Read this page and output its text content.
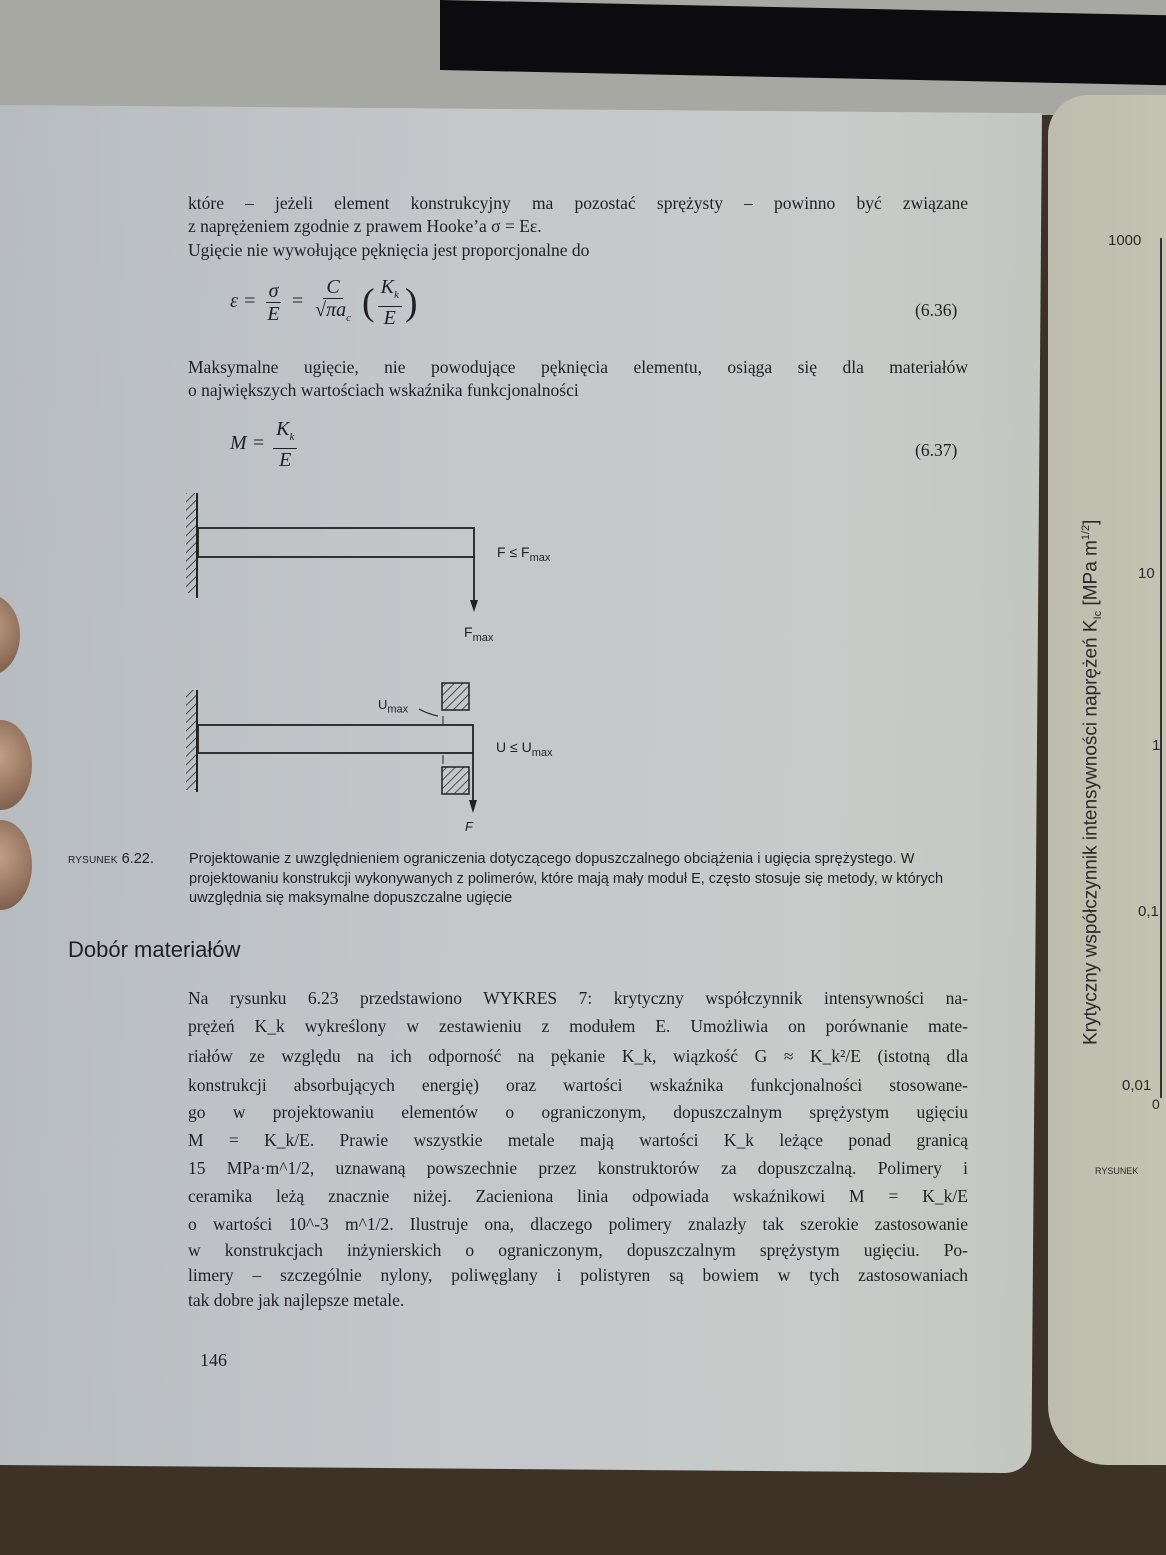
które – jeżeli element konstrukcyjny ma pozostać sprężysty – powinno być związane
z naprężeniem zgodnie z prawem Hooke’a σ = Eε.
Ugięcie nie wywołujące pęknięcia jest proporcjonalne do
$\varepsilon = \frac{\sigma}{E} = \frac{C}{√\pi a_c}$ ( $\frac{K_k}{E}$ )	(6.36)
Maksymalne ugięcie, nie powodujące pęknięcia elementu, osiąga się dla materiałów
o największych wartościach wskaźnika funkcjonalności
$M = \frac{K_k}{E}$	(6.37)
$F \le F_{max}$
$F_{max}$
$U_{max}$
$U \le U_{max}$
F
RYSUNEK 6.22. Projektowanie z uwzględnieniem ograniczenia dotyczącego dopuszczalnego obciążenia i ugięcia sprężystego. W projektowaniu konstrukcji wykonywanych z polimerów, które mają mały moduł E, często stosuje się metody, w których uwzględnia się maksymalne dopuszczalne ugięcie
Dobór materiałów
Na rysunku 6.23 przedstawiono WYKRES 7: krytyczny współczynnik intensywności na-
prężeń K_k wykreślony w zestawieniu z modułem E. Umożliwia on porównanie mate-
riałów ze względu na ich odporność na pękanie K_k, wiązkość G ≈ K_k²/E (istotną dla
konstrukcji absorbujących energię) oraz wartości wskaźnika funkcjonalności stosowane-
go w projektowaniu elementów o ograniczonym, dopuszczalnym sprężystym ugięciu
M = K_k/E. Prawie wszystkie metale mają wartości K_k leżące ponad granicą
15 MPa·m^1/2, uznawaną powszechnie przez konstruktorów za dopuszczalną. Polimery i
ceramika leżą znacznie niżej. Zacieniona linia odpowiada wskaźnikowi M = K_k/E
o wartości 10^-3 m^1/2. Ilustruje ona, dlaczego polimery znalazły tak szerokie zastosowanie
w konstrukcjach inżynierskich o ograniczonym, dopuszczalnym sprężystym ugięciu. Po-
limery – szczególnie nylony, poliwęglany i polistyren są bowiem w tych zastosowaniach
tak dobre jak najlepsze metale.
146
Krytyczny współczynnik intensywności naprężeń $K_{Ic}$ [MPa $m^{1/2}$]
1000
10
1
0,1
0,01
0
RYSUNEK
